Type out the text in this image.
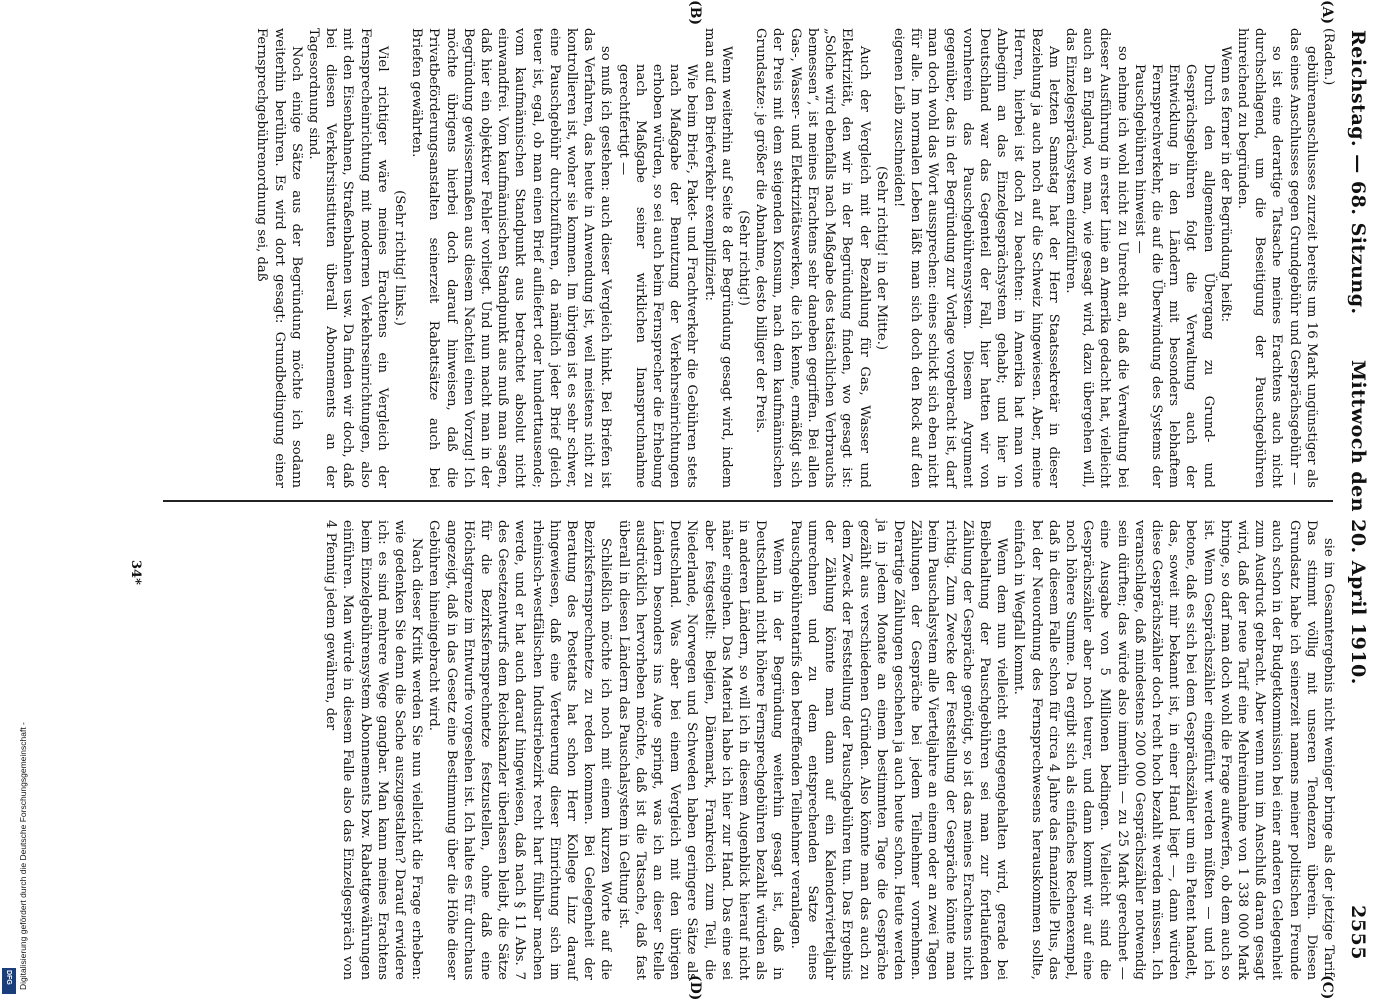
Reichstag. — 68. Sitzung.
Mittwoch den 20. April 1910.
2555
(A)
(B)
(C)
(D)

(Raden.)

gebührenanschlusses zurzeit bereits um 16 Mark ungünstiger als das eines Anschlusses gegen Grundgebühr und Gesprächsgebühr —

so ist eine derartige Tatsache meines Erachtens auch nicht durchschlagend, um die Beseitigung der Pauschgebühren hinreichend zu begründen.

Wenn es ferner in der Begründung heißt:

Durch den allgemeinen Übergang zu Grund- und Gesprächsgebühren folgt die Verwaltung auch der Entwicklung in den Ländern mit besonders lebhaftem Fernsprechverkehr, die auf die Überwindung des Systems der Pauschgebühren hinweist —

so nehme ich wohl nicht zu Unrecht an, daß die Verwaltung bei dieser Ausführung in erster Linie an Amerika gedacht hat, vielleicht auch an England, wo man, wie gesagt wird, dazu übergehen will, das Einzelgesprächsystem einzuführen.

Am letzten Samstag hat der Herr Staatssekretär in dieser Beziehung ja auch noch auf die Schweiz hingewiesen. Aber, meine Herren, hierbei ist doch zu beachten: in Amerika hat man von Anbeginn an das Einzelgesprächsystem gehabt; und hier in Deutschland war das Gegenteil der Fall, hier hatten wir von vornherein das Pauschgebührensystem. Diesem Argument gegenüber, das in der Begründung zur Vorlage vorgebracht ist, darf man doch wohl das Wort aussprechen: eines schickt sich eben nicht für alle. Im normalen Leben läßt man sich doch den Rock auf den eigenen Leib zuschneiden!

(Sehr richtig! in der Mitte.)

Auch der Vergleich mit der Bezahlung für Gas, Wasser und Elektrizität, den wir in der Begründung finden, wo gesagt ist: „Solche wird ebenfalls nach Maßgabe des tatsächlichen Verbrauchs bemessen“, ist meines Erachtens sehr daneben gegriffen. Bei allen Gas-, Wasser- und Elektrizitätswerken, die ich kenne, ermäßigt sich der Preis mit dem steigenden Konsum, nach dem kaufmännischen Grundsatze: je größer die Abnahme, desto billiger der Preis.

(Sehr richtig!)

Wenn weiterhin auf Seite 8 der Begründung gesagt wird, indem man auf den Briefverkehr exemplifiziert:

Wie beim Brief-, Paket- und Frachtverkehr die Gebühren stets nach Maßgabe der Benutzung der Verkehrseinrichtungen erhoben würden, so sei auch beim Fernsprecher die Erhebung nach Maßgabe seiner wirklichen Inanspruchnahme gerechtfertigt —

so muß ich gestehen: auch dieser Vergleich hinkt. Bei Briefen ist das Verfahren, das heute in Anwendung ist, weil meistens nicht zu kontrollieren ist, woher sie kommen. Im übrigen ist es sehr schwer, eine Pauschgebühr durchzuführen, da nämlich jeder Brief gleich teuer ist, egal, ob man einen Brief aufliefert oder hunderttausende; vom kaufmännischen Standpunkt aus betrachtet absolut nicht einwandfrei. Vom kaufmännischen Standpunkt aus muß man sagen, daß hier ein objektiver Fehler vorliegt. Und nun macht man in der Begründung gewissermaßen aus diesem Nachteil einen Vorzug! Ich möchte übrigens hierbei doch darauf hinweisen, daß die Privatbeförderungsanstalten seinerzeit Rabattsätze auch bei Briefen gewährten.

(Sehr richtig! links.)

Viel richtiger wäre meines Erachtens ein Vergleich der Fernsprecheinrichtung mit modernen Verkehrseinrichtungen, also mit den Eisenbahnen, Straßenbahnen usw. Da finden wir doch, daß bei diesen Verkehrsinstituten überall Abonnements an der Tagesordnung sind.

Noch einige Sätze aus der Begründung möchte ich sodann weiterhin berühren. Es wird dort gesagt: Grundbedingung einer Fernsprechgebührenordnung sei, daß

sie im Gesamtergebnis nicht weniger bringe als der jetzige Tarif. Das stimmt völlig mit unseren Tendenzen überein. Diesen Grundsatz habe ich seinerzeit namens meiner politischen Freunde auch schon in der Budgetkommission bei einer anderen Gelegenheit zum Ausdruck gebracht. Aber wenn nun im Anschluß daran gesagt wird, daß der neue Tarif eine Mehreinnahme von 1 338 000 Mark bringe, so darf man doch wohl die Frage aufwerfen, ob dem auch so ist. Wenn Gesprächszähler eingeführt werden müßten — und ich betone, daß es sich bei dem Gesprächszähler um ein Patent handelt, das, soweit mir bekannt ist, in einer Hand liegt —, dann würden diese Gesprächszähler doch recht hoch bezahlt werden müssen. Ich veranschlage, daß mindestens 200 000 Gesprächszähler notwendig sein dürften; das würde also immerhin — zu 25 Mark gerechnet — eine Ausgabe von 5 Millionen bedingen. Vielleicht sind die Gesprächszähler aber noch teurer, und dann kommt wir auf eine noch höhere Summe. Da ergibt sich als einfaches Rechenexempel, daß in diesem Falle schon für circa 4 Jahre das finanzielle Plus, das bei der Neuordnung des Fernsprechwesens herauskommen sollte, einfach in Wegfall kommt.

Wenn dem nun vielleicht entgegengehalten wird, gerade bei Beibehaltung der Pauschgebühren sei man zur fortlaufenden Zählung der Gespräche genötigt, so ist das meines Erachtens nicht richtig. Zum Zwecke der Feststellung der Gespräche könnte man beim Pauschalsystem alle Vierteljahre an einem oder an zwei Tagen Zählungen der Gespräche bei jedem Teilnehmer vornehmen. Derartige Zählungen geschehen ja auch heute schon. Heute werden ja in jedem Monate an einem bestimmten Tage die Gespräche gezählt aus verschiedenen Gründen. Also könnte man das auch zu dem Zweck der Feststellung der Pauschgebühren tun. Das Ergebnis der Zählung könnte man dann auf ein Kalendervierteljahr umrechnen und zu dem entsprechenden Satze eines Pauschgebührentarifs den betreffenden Teilnehmer veranlagen.

Wenn in der Begründung weiterhin gesagt ist, daß in Deutschland nicht höhere Fernsprechgebühren bezahlt würden als in anderen Ländern, so will ich in diesem Augenblick hierauf nicht näher eingehen. Das Material habe ich hier zur Hand. Das eine sei aber festgestellt: Belgien, Dänemark, Frankreich zum Teil, die Niederlande, Norwegen und Schweden haben geringere Sätze als Deutschland. Was aber bei einem Vergleich mit den übrigen Ländern besonders ins Auge springt, was ich an dieser Stelle ausdrücklich hervorheben möchte, daß ist die Tatsache, daß fast überall in diesen Ländern das Pauschalsystem in Geltung ist.

Schließlich möchte ich noch mit einem kurzen Worte auf die Bezirksfernsprechnetze zu reden kommen. Bei Gelegenheit der Beratung des Postetats hat schon Herr Kollege Linz darauf hingewiesen, daß eine Verteuerung dieser Einrichtung sich im rheinisch-westfälischen Industriebezirk recht hart fühlbar machen werde, und er hat auch darauf hingewiesen, daß nach § 11 Abs. 7 des Gesetzentwurfs dem Reichskanzler überlassen bleibt, die Sätze für die Bezirksfernsprechnetze festzustellen, ohne daß eine Höchstgrenze im Entwurfe vorgesehen ist. Ich halte es für durchaus angezeigt, daß in das Gesetz eine Bestimmung über die Höhe dieser Gebühren hineingebracht wird.

Nach dieser Kritik werden Sie nun vielleicht die Frage erheben: wie gedenken Sie denn die Sache auszugestalten? Darauf erwidere ich: es sind mehrere Wege gangbar. Man kann meines Erachtens beim Einzelgebührensystem Abonnements bzw. Rabattgewährungen einführen. Man würde in diesem Falle also das Einzelgespräch von 4 Pfennig jedem gewähren, der

34*
Digitalisierung gefördert durch die Deutsche Forschungsgemeinschaft -
DFG
